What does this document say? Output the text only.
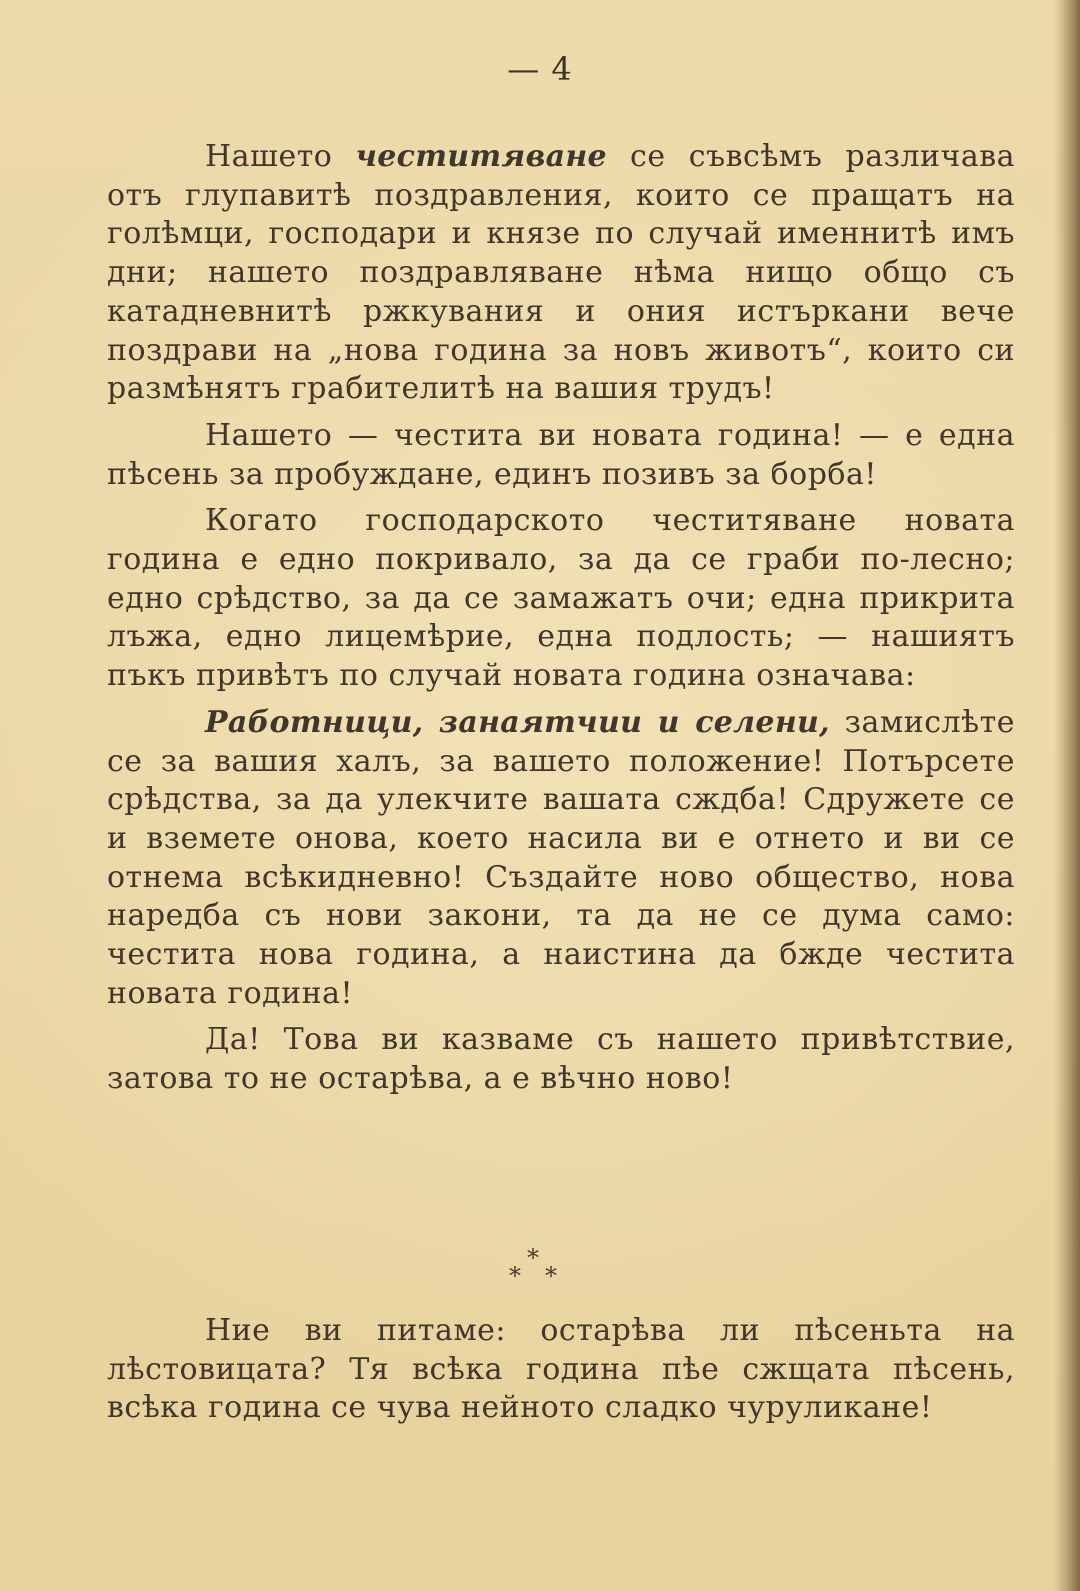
— 4

Нашето честитяване се съвсѣмъ различава отъ глупавитѣ поздравления, които се пращатъ на голѣмци, господари и князе по случай именнитѣ имъ дни; нашето поздравляване нѣма нищо общо съ катадневнитѣ ржкувания и ония истъркани вече поздрави на „нова година за новъ животъ“, които си размѣнятъ грабителитѣ на вашия трудъ!

Нашето — честита ви новата година! — е една пѣсень за пробуждане, единъ позивъ за борба!

Когато господарското честитяване новата година е едно покривало, за да се граби по-лесно; едно срѣдство, за да се замажатъ очи; една прикрита лъжа, едно лицемѣрие, една подлость; — нашиятъ пъкъ привѣтъ по случай новата година означава:

Работници, занаятчии и селени, замислѣте се за вашия халъ, за вашето положение! Потърсете срѣдства, за да улекчите вашата сждба! Сдружете се и вземете онова, което насила ви е отнето и ви се отнема всѣкидневно! Създайте ново общество, нова наредба съ нови закони, та да не се дума само: честита нова година, а наистина да бжде честита новата година!

Да! Това ви казваме съ нашето привѣтствие, затова то не остарѣва, а е вѣчно ново!

*
* *

Ние ви питаме: остарѣва ли пѣсеньта на лѣстовицата? Тя всѣка година пѣе сжщата пѣсень, всѣка година се чува нейното сладко чуруликане!
